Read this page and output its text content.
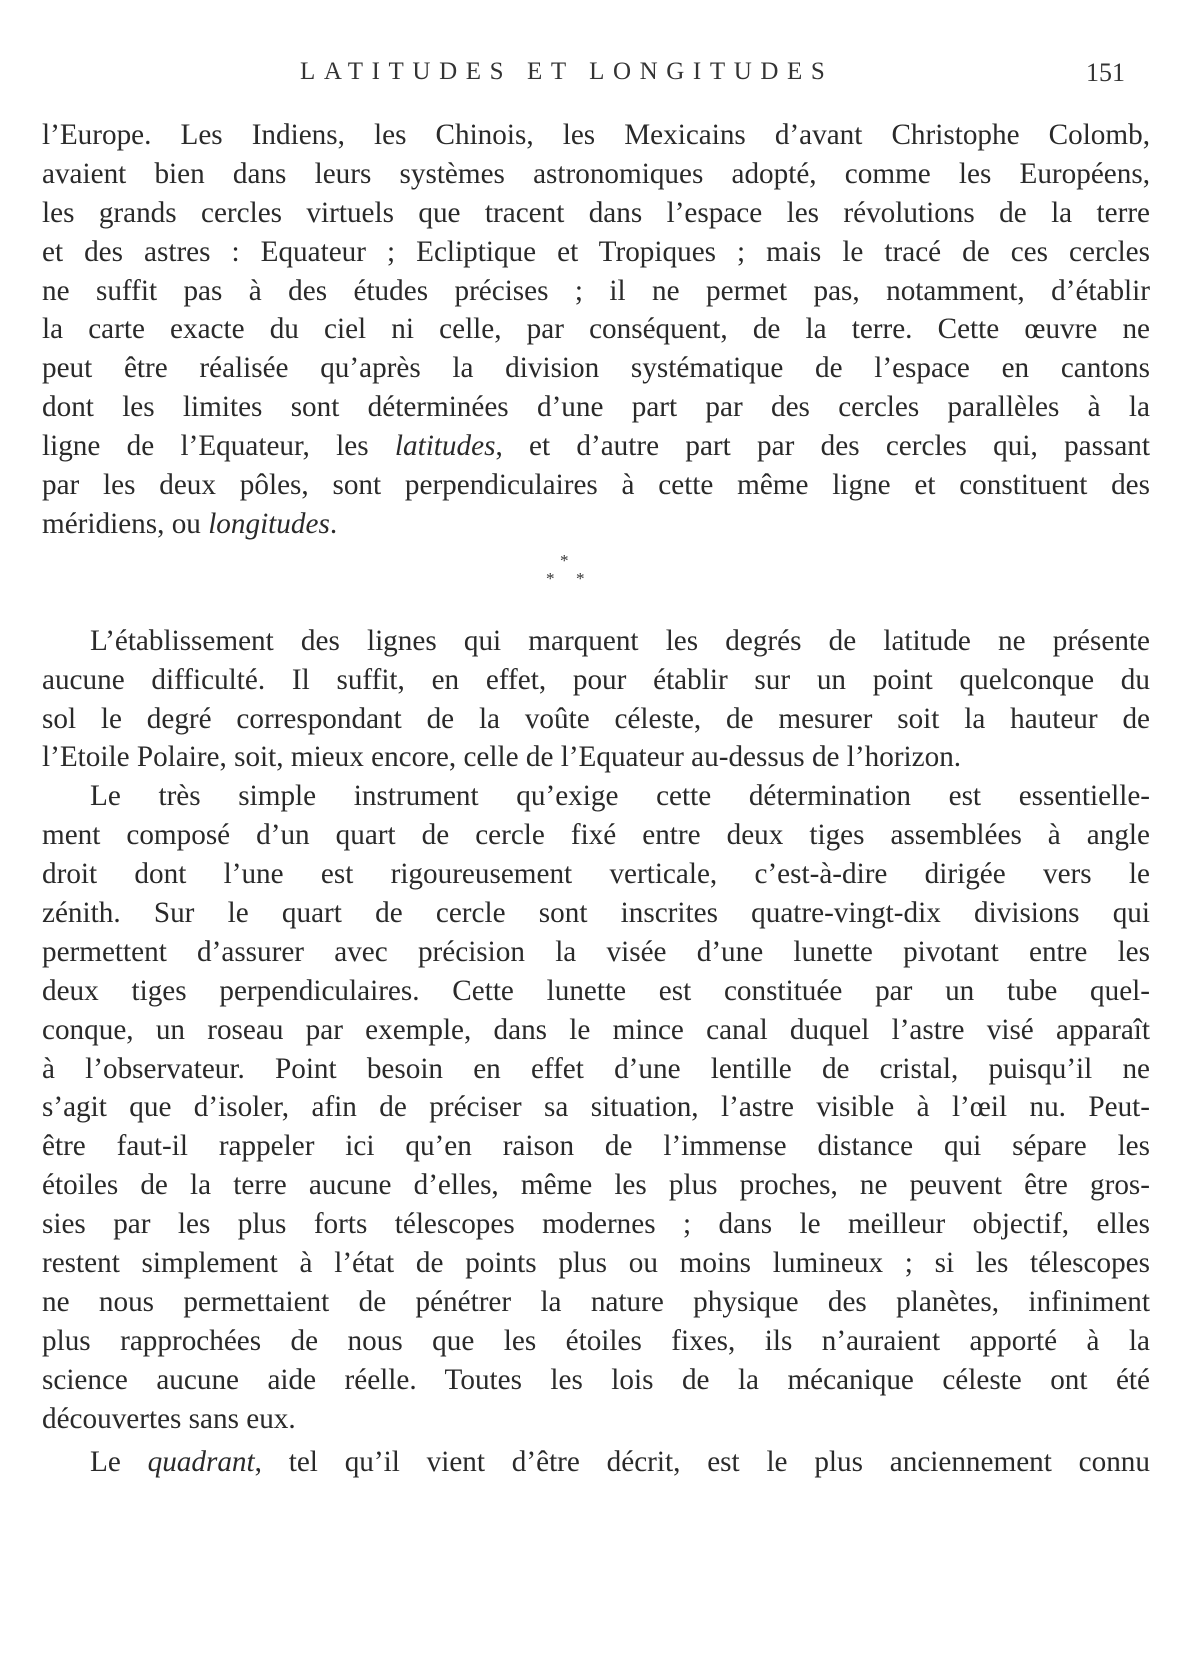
LATITUDES ET LONGITUDES	151
l’Europe. Les Indiens, les Chinois, les Mexicains d’avant Christophe Colomb,
avaient bien dans leurs systèmes astronomiques adopté, comme les Européens,
les grands cercles virtuels que tracent dans l’espace les révolutions de la terre
et des astres : Equateur ; Ecliptique et Tropiques ; mais le tracé de ces cercles
ne suffit pas à des études précises ; il ne permet pas, notamment, d’établir
la carte exacte du ciel ni celle, par conséquent, de la terre. Cette œuvre ne
peut être réalisée qu’après la division systématique de l’espace en cantons
dont les limites sont déterminées d’une part par des cercles parallèles à la
ligne de l’Equateur, les latitudes, et d’autre part par des cercles qui, passant
par les deux pôles, sont perpendiculaires à cette même ligne et constituent des
méridiens, ou longitudes.
*
* *
L’établissement des lignes qui marquent les degrés de latitude ne présente
aucune difficulté. Il suffit, en effet, pour établir sur un point quelconque du
sol le degré correspondant de la voûte céleste, de mesurer soit la hauteur de
l’Etoile Polaire, soit, mieux encore, celle de l’Equateur au-dessus de l’horizon.
Le très simple instrument qu’exige cette détermination est essentielle-
ment composé d’un quart de cercle fixé entre deux tiges assemblées à angle
droit dont l’une est rigoureusement verticale, c’est-à-dire dirigée vers le
zénith. Sur le quart de cercle sont inscrites quatre-vingt-dix divisions qui
permettent d’assurer avec précision la visée d’une lunette pivotant entre les
deux tiges perpendiculaires. Cette lunette est constituée par un tube quel-
conque, un roseau par exemple, dans le mince canal duquel l’astre visé apparaît
à l’observateur. Point besoin en effet d’une lentille de cristal, puisqu’il ne
s’agit que d’isoler, afin de préciser sa situation, l’astre visible à l’œil nu. Peut-
être faut-il rappeler ici qu’en raison de l’immense distance qui sépare les
étoiles de la terre aucune d’elles, même les plus proches, ne peuvent être gros-
sies par les plus forts télescopes modernes ; dans le meilleur objectif, elles
restent simplement à l’état de points plus ou moins lumineux ; si les télescopes
ne nous permettaient de pénétrer la nature physique des planètes, infiniment
plus rapprochées de nous que les étoiles fixes, ils n’auraient apporté à la
science aucune aide réelle. Toutes les lois de la mécanique céleste ont été
découvertes sans eux.
Le quadrant, tel qu’il vient d’être décrit, est le plus anciennement connu
